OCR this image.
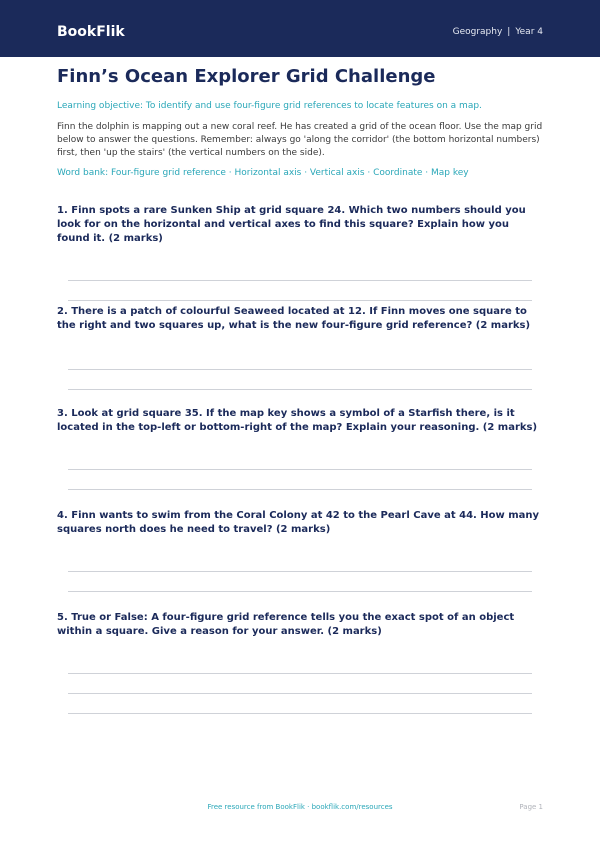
BookFlik	Geography | Year 4
Finn’s Ocean Explorer Grid Challenge

Learning objective: To identify and use four-figure grid references to locate features on a map.

Finn the dolphin is mapping out a new coral reef. He has created a grid of the ocean floor. Use the map grid below to answer the questions. Remember: always go 'along the corridor' (the bottom horizontal numbers) first, then 'up the stairs' (the vertical numbers on the side).

Word bank: Four-figure grid reference · Horizontal axis · Vertical axis · Coordinate · Map key

1. Finn spots a rare Sunken Ship at grid square 24. Which two numbers should you look for on the horizontal and vertical axes to find this square? Explain how you found it. (2 marks)

2. There is a patch of colourful Seaweed located at 12. If Finn moves one square to the right and two squares up, what is the new four-figure grid reference? (2 marks)

3. Look at grid square 35. If the map key shows a symbol of a Starfish there, is it located in the top-left or bottom-right of the map? Explain your reasoning. (2 marks)

4. Finn wants to swim from the Coral Colony at 42 to the Pearl Cave at 44. How many squares north does he need to travel? (2 marks)

5. True or False: A four-figure grid reference tells you the exact spot of an object within a square. Give a reason for your answer. (2 marks)

Free resource from BookFlik · bookflik.com/resources	Page 1
